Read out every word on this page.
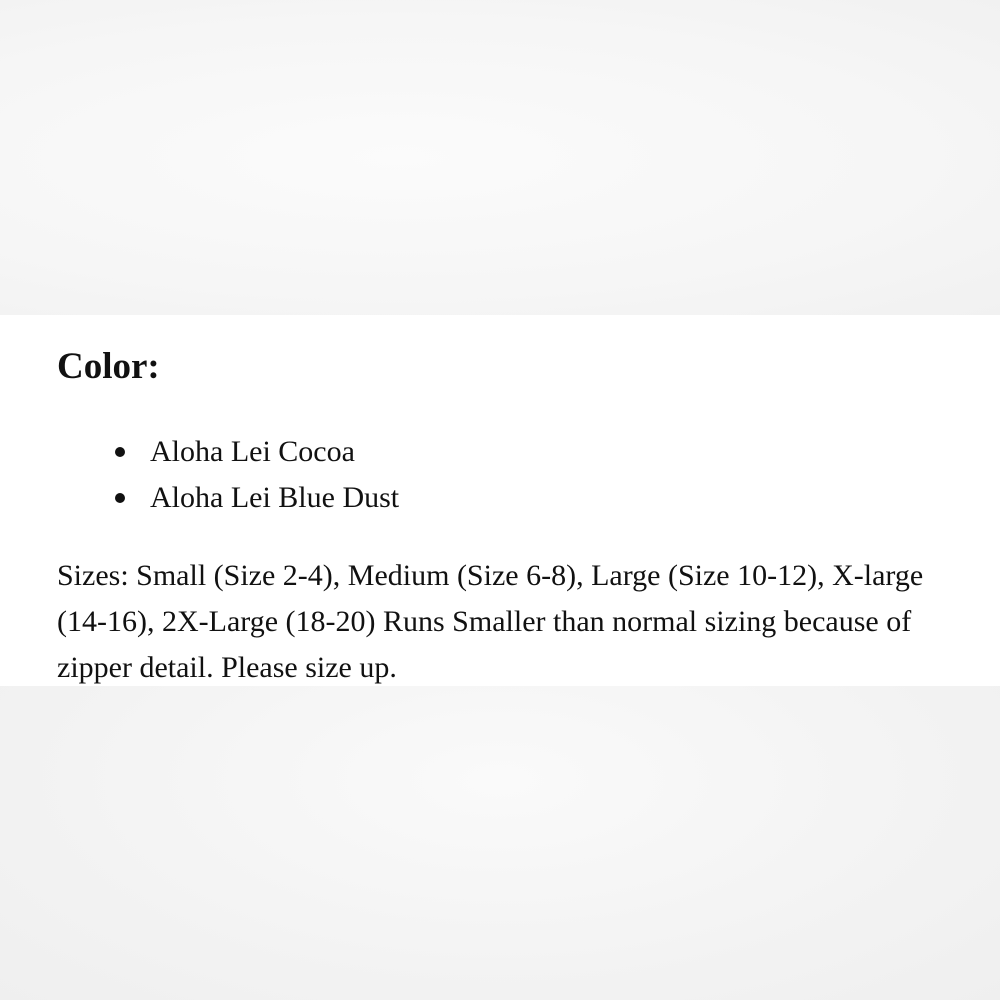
Color:
Aloha Lei Cocoa
Aloha Lei Blue Dust

Sizes: Small (Size 2-4), Medium (Size 6-8), Large (Size 10-12), X-large (14-16), 2X-Large (18-20) Runs Smaller than normal sizing because of zipper detail. Please size up.
